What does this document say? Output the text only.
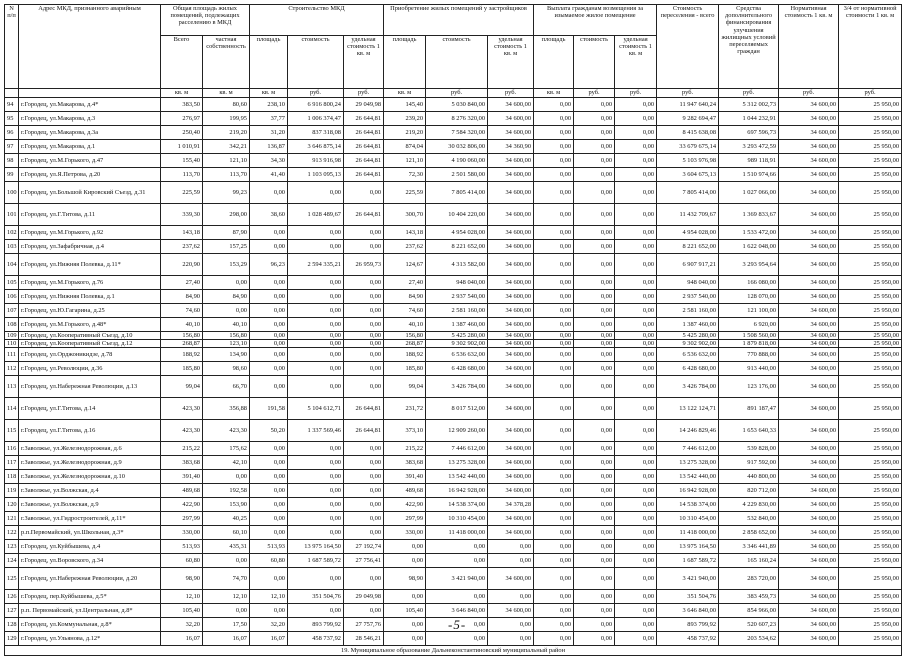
N п/п	Адрес МКД, признанного аварийным	Общая площадь жилых помещений, подлежащих расселению в МКД		Строительство МКД			Приобретение жилых помещений у застройщиков			Выплата гражданам возмещения за изымаемое жилое помещение			Стоимость переселения - всего	Средства дополнительного финансирования улучшения жилищных условий переселяемых граждан	Нормативная стоимость 1 кв. м	3/4 от нормативной стоимости 1 кв. м
		Всего	частная собственность	площадь	стоимость	удельная стоимость 1 кв. м	площадь	стоимость	удельная стоимость 1 кв. м	площадь	стоимость	удельная стоимость 1 кв. м				
		кв. м	кв. м	кв. м	руб.	руб.	кв. м	руб.	руб.	кв. м	руб.	руб.	руб.	руб.	руб.	руб.
94	г.Городец, ул.Макарова, д.4*	383,50	80,60	238,10	6 916 800,24	29 049,98	145,40	5 030 840,00	34 600,00	0,00	0,00	0,00	11 947 640,24	5 312 002,73	34 600,00	25 950,00
95	г.Городец, ул.Макарова, д.3	276,97	199,95	37,77	1 006 374,47	26 644,81	239,20	8 276 320,00	34 600,00	0,00	0,00	0,00	9 282 694,47	1 044 232,91	34 600,00	25 950,00
96	г.Городец, ул.Макарова, д.3а	250,40	219,20	31,20	837 318,08	26 644,81	219,20	7 584 320,00	34 600,00	0,00	0,00	0,00	8 415 638,08	697 596,73	34 600,00	25 950,00
97	г.Городец, ул.Макарова, д.1	1 010,91	342,21	136,87	3 646 875,14	26 644,81	874,04	30 032 806,00	34 360,90	0,00	0,00	0,00	33 679 675,14	3 293 472,59	34 600,00	25 950,00
98	г.Городец, ул.М.Горького, д.47	155,40	121,10	34,30	913 916,98	26 644,81	121,10	4 190 060,00	34 600,00	0,00	0,00	0,00	5 103 976,98	989 118,91	34 600,00	25 950,00
99	г.Городец, ул.Я.Петрова, д.20	113,70	113,70	41,40	1 103 095,13	26 644,81	72,30	2 501 580,00	34 600,00	0,00	0,00	0,00	3 604 675,13	1 510 974,66	34 600,00	25 950,00
100	г.Городец, ул.Большой Кировский Съезд, д.31	225,59	99,23	0,00	0,00	0,00	225,59	7 805 414,00	34 600,00	0,00	0,00	0,00	7 805 414,00	1 027 066,00	34 600,00	25 950,00
101	г.Городец, ул.Г.Титова, д.11	339,30	298,00	38,60	1 028 489,67	26 644,81	300,70	10 404 220,00	34 600,00	0,00	0,00	0,00	11 432 709,67	1 369 833,67	34 600,00	25 950,00
102	г.Городец, ул.М.Горького, д.92	143,18	87,90	0,00	0,00	0,00	143,18	4 954 028,00	34 600,00	0,00	0,00	0,00	4 954 028,00	1 533 472,00	34 600,00	25 950,00
103	г.Городец, ул.Зафабричная, д.4	237,62	157,25	0,00	0,00	0,00	237,62	8 221 652,00	34 600,00	0,00	0,00	0,00	8 221 652,00	1 622 048,00	34 600,00	25 950,00
104	г.Городец, ул.Нижняя Полевка, д.11*	220,90	153,29	96,23	2 594 335,21	26 959,73	124,67	4 313 582,00	34 600,00	0,00	0,00	0,00	6 907 917,21	3 293 954,64	34 600,00	25 950,00
105	г.Городец, ул.М.Горького, д.76	27,40	0,00	0,00	0,00	0,00	27,40	948 040,00	34 600,00	0,00	0,00	0,00	948 040,00	166 080,00	34 600,00	25 950,00
106	г.Городец, ул.Нижняя Полевка, д.1	84,90	84,90	0,00	0,00	0,00	84,90	2 937 540,00	34 600,00	0,00	0,00	0,00	2 937 540,00	128 070,00	34 600,00	25 950,00
107	г.Городец, ул.Ю.Гагарина, д.25	74,60	0,00	0,00	0,00	0,00	74,60	2 581 160,00	34 600,00	0,00	0,00	0,00	2 581 160,00	121 100,00	34 600,00	25 950,00
108	г.Городец, ул.М.Горького, д.48*	40,10	40,10	0,00	0,00	0,00	40,10	1 387 460,00	34 600,00	0,00	0,00	0,00	1 387 460,00	6 920,00	34 600,00	25 950,00
109	г.Городец, ул.Кооперативный Съезд, д.10	156,80	156,80	0,00	0,00	0,00	156,80	5 425 280,00	34 600,00	0,00	0,00	0,00	5 425 280,00	1 508 560,00	34 600,00	25 950,00
110	г.Городец, ул.Кооперативный Съезд, д.12	268,87	123,10	0,00	0,00	0,00	268,87	9 302 902,00	34 600,00	0,00	0,00	0,00	9 302 902,00	1 879 818,00	34 600,00	25 950,00
111	г.Городец, ул.Орджоникидзе, д.78	188,92	134,90	0,00	0,00	0,00	188,92	6 536 632,00	34 600,00	0,00	0,00	0,00	6 536 632,00	770 888,00	34 600,00	25 950,00
112	г.Городец, ул.Революции, д.36	185,80	98,60	0,00	0,00	0,00	185,80	6 428 680,00	34 600,00	0,00	0,00	0,00	6 428 680,00	913 440,00	34 600,00	25 950,00
113	г.Городец, ул.Набережная Революции, д.13	99,04	66,70	0,00	0,00	0,00	99,04	3 426 784,00	34 600,00	0,00	0,00	0,00	3 426 784,00	123 176,00	34 600,00	25 950,00
114	г.Городец, ул.Г.Титова, д.14	423,30	356,88	191,58	5 104 612,71	26 644,81	231,72	8 017 512,00	34 600,00	0,00	0,00	0,00	13 122 124,71	891 187,47	34 600,00	25 950,00
115	г.Городец, ул.Г.Титова, д.16	423,30	423,30	50,20	1 337 569,46	26 644,81	373,10	12 909 260,00	34 600,00	0,00	0,00	0,00	14 246 829,46	1 653 640,33	34 600,00	25 950,00
116	г.Заволжье, ул.Железнодорожная, д.6	215,22	175,62	0,00	0,00	0,00	215,22	7 446 612,00	34 600,00	0,00	0,00	0,00	7 446 612,00	539 828,00	34 600,00	25 950,00
117	г.Заволжье, ул.Железнодорожная, д.9	383,68	42,10	0,00	0,00	0,00	383,68	13 275 328,00	34 600,00	0,00	0,00	0,00	13 275 328,00	917 592,00	34 600,00	25 950,00
118	г.Заволжье, ул.Железнодорожная, д.10	391,40	0,00	0,00	0,00	0,00	391,40	13 542 440,00	34 600,00	0,00	0,00	0,00	13 542 440,00	440 800,00	34 600,00	25 950,00
119	г.Заволжье, ул.Волжская, д.4	489,68	192,58	0,00	0,00	0,00	489,68	16 942 928,00	34 600,00	0,00	0,00	0,00	16 942 928,00	820 712,00	34 600,00	25 950,00
120	г.Заволжье, ул.Волжская, д.9	422,90	153,90	0,00	0,00	0,00	422,90	14 538 374,00	34 378,28	0,00	0,00	0,00	14 538 374,00	4 229 830,00	34 600,00	25 950,00
121	г.Заволжье, ул.Гидростроителей, д.11*	297,99	40,25	0,00	0,00	0,00	297,99	10 310 454,00	34 600,00	0,00	0,00	0,00	10 310 454,00	532 840,00	34 600,00	25 950,00
122	р.п.Первомайский, ул.Школьная, д.3*	330,00	60,10	0,00	0,00	0,00	330,00	11 418 000,00	34 600,00	0,00	0,00	0,00	11 418 000,00	2 858 652,00	34 600,00	25 950,00
123	г.Городец, ул.Куйбышева, д.4	513,93	435,31	513,93	13 975 164,50	27 192,74	0,00	0,00	0,00	0,00	0,00	0,00	13 975 164,50	3 346 441,89	34 600,00	25 950,00
124	г.Городец, ул.Воровского, д.34	60,80	0,00	60,80	1 687 589,72	27 756,41	0,00	0,00	0,00	0,00	0,00	0,00	1 687 589,72	165 160,24	34 600,00	25 950,00
125	г.Городец, ул.Набережная Революции, д.20	98,90	74,70	0,00	0,00	0,00	98,90	3 421 940,00	34 600,00	0,00	0,00	0,00	3 421 940,00	283 720,00	34 600,00	25 950,00
126	г.Городец, пер.Куйбышева, д.5*	12,10	12,10	12,10	351 504,76	29 049,98	0,00	0,00	0,00	0,00	0,00	0,00	351 504,76	383 459,73	34 600,00	25 950,00
127	р.п. Первомайский, ул.Центральная, д.8*	105,40	0,00	0,00	0,00	0,00	105,40	3 646 840,00	34 600,00	0,00	0,00	0,00	3 646 840,00	854 966,00	34 600,00	25 950,00
128	г.Городец, ул.Коммунальная, д.8*	32,20	17,50	32,20	893 799,92	27 757,76	0,00	0,00	0,00	0,00	0,00	0,00	893 799,92	520 607,23	34 600,00	25 950,00
129	г.Городец, ул.Ульянова, д.12*	16,07	16,07	16,07	458 737,92	28 546,21	0,00	0,00	0,00	0,00	0,00	0,00	458 737,92	203 534,62	34 600,00	25 950,00
19. Муниципальное образование Дальнеконстантиновский муниципальный район																
-5-
